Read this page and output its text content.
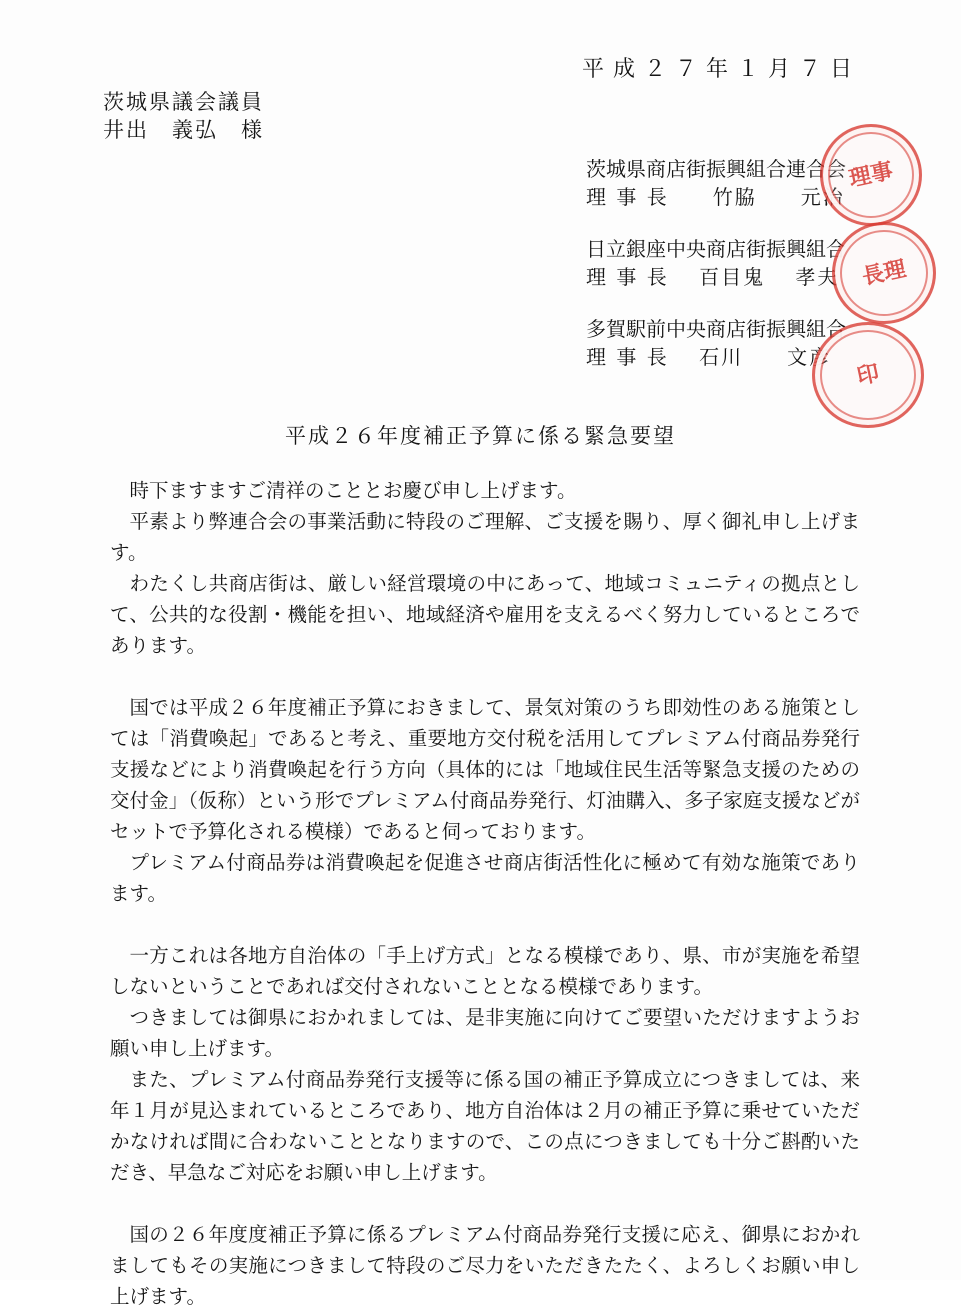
平成２７年１月７日
茨城県議会議員
井出　義弘　様
茨城県商店街振興組合連合会
理 事 長　　竹脇　　元治
日立銀座中央商店街振興組合
理 事 長　 百目鬼　 孝夫
多賀駅前中央商店街振興組合
理 事 長　 石川　　文彦
理事
長理
印
平成２６年度補正予算に係る緊急要望

時下ますますご清祥のこととお慶び申し上げます。

平素より弊連合会の事業活動に特段のご理解、ご支援を賜り、厚く御礼申し上げます。

わたくし共商店街は、厳しい経営環境の中にあって、地域コミュニティの拠点として、公共的な役割・機能を担い、地域経済や雇用を支えるべく努力しているところであります。

国では平成２６年度補正予算におきまして、景気対策のうち即効性のある施策としては「消費喚起」であると考え、重要地方交付税を活用してプレミアム付商品券発行支援などにより消費喚起を行う方向（具体的には「地域住民生活等緊急支援のための交付金」（仮称）という形でプレミアム付商品券発行、灯油購入、多子家庭支援などがセットで予算化される模様）であると伺っております。

プレミアム付商品券は消費喚起を促進させ商店街活性化に極めて有効な施策であります。

一方これは各地方自治体の「手上げ方式」となる模様であり、県、市が実施を希望しないということであれば交付されないこととなる模様であります。

つきましては御県におかれましては、是非実施に向けてご要望いただけますようお願い申し上げます。

また、プレミアム付商品券発行支援等に係る国の補正予算成立につきましては、来年１月が見込まれているところであり、地方自治体は２月の補正予算に乗せていただかなければ間に合わないこととなりますので、この点につきましても十分ご斟酌いただき、早急なご対応をお願い申し上げます。

国の２６年度度補正予算に係るプレミアム付商品券発行支援に応え、御県におかれましてもその実施につきまして特段のご尽力をいただきたたく、よろしくお願い申し上げます。
